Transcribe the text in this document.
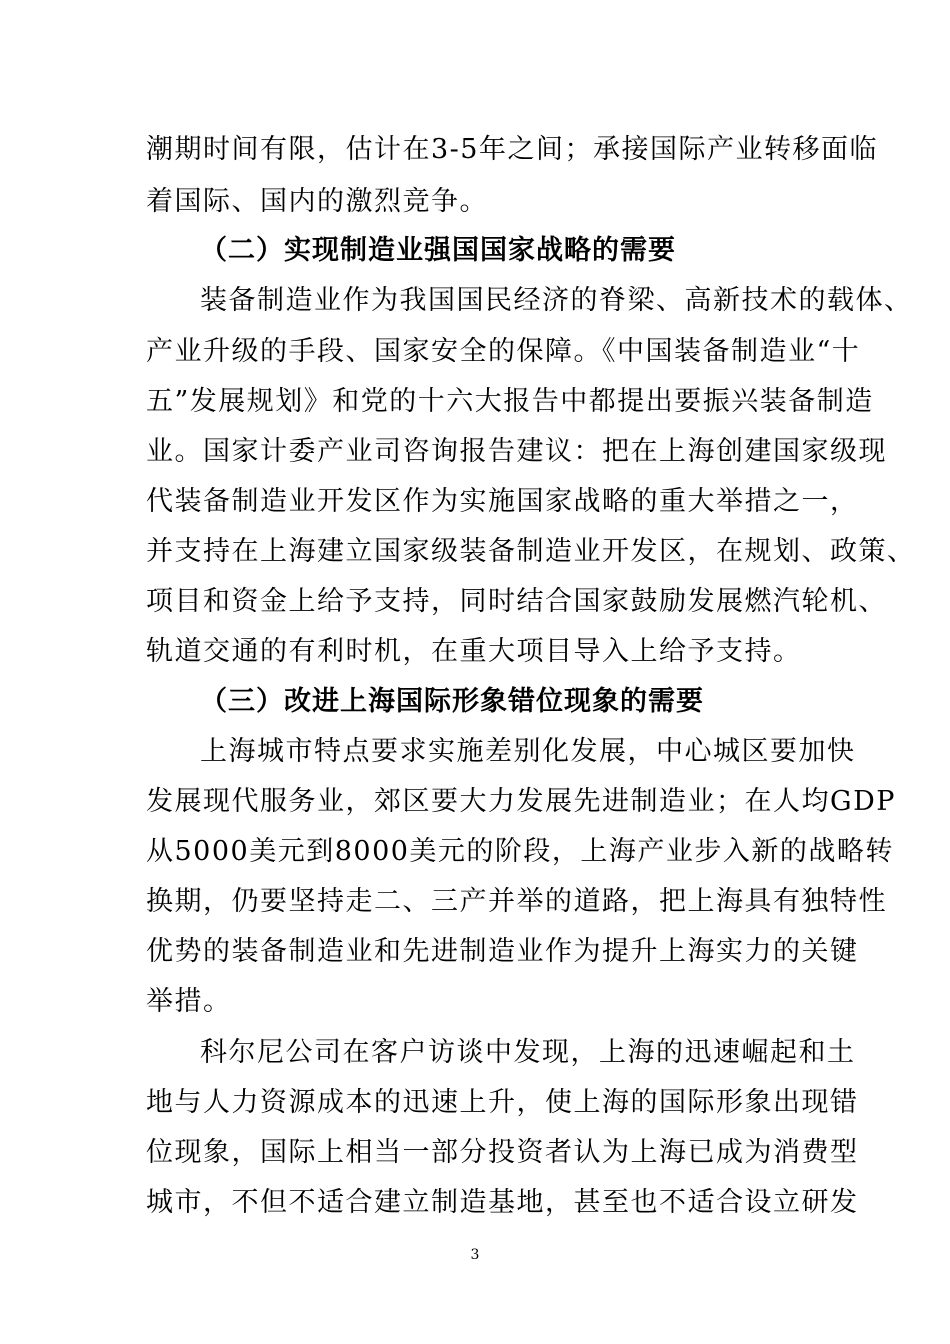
潮期时间有限，估计在3-5年之间；承接国际产业转移面临
着国际、国内的激烈竞争。
（二）实现制造业强国国家战略的需要
装备制造业作为我国国民经济的脊梁、高新技术的载体、
产业升级的手段、国家安全的保障。《中国装备制造业“十
五”发展规划》和党的十六大报告中都提出要振兴装备制造
业。国家计委产业司咨询报告建议：把在上海创建国家级现
代装备制造业开发区作为实施国家战略的重大举措之一，
并支持在上海建立国家级装备制造业开发区，在规划、政策、
项目和资金上给予支持，同时结合国家鼓励发展燃汽轮机、
轨道交通的有利时机，在重大项目导入上给予支持。
（三）改进上海国际形象错位现象的需要
上海城市特点要求实施差别化发展，中心城区要加快
发展现代服务业，郊区要大力发展先进制造业；在人均GDP
从5000美元到8000美元的阶段，上海产业步入新的战略转
换期，仍要坚持走二、三产并举的道路，把上海具有独特性
优势的装备制造业和先进制造业作为提升上海实力的关键
举措。
科尔尼公司在客户访谈中发现，上海的迅速崛起和土
地与人力资源成本的迅速上升，使上海的国际形象出现错
位现象，国际上相当一部分投资者认为上海已成为消费型
城市，不但不适合建立制造基地，甚至也不适合设立研发
3
